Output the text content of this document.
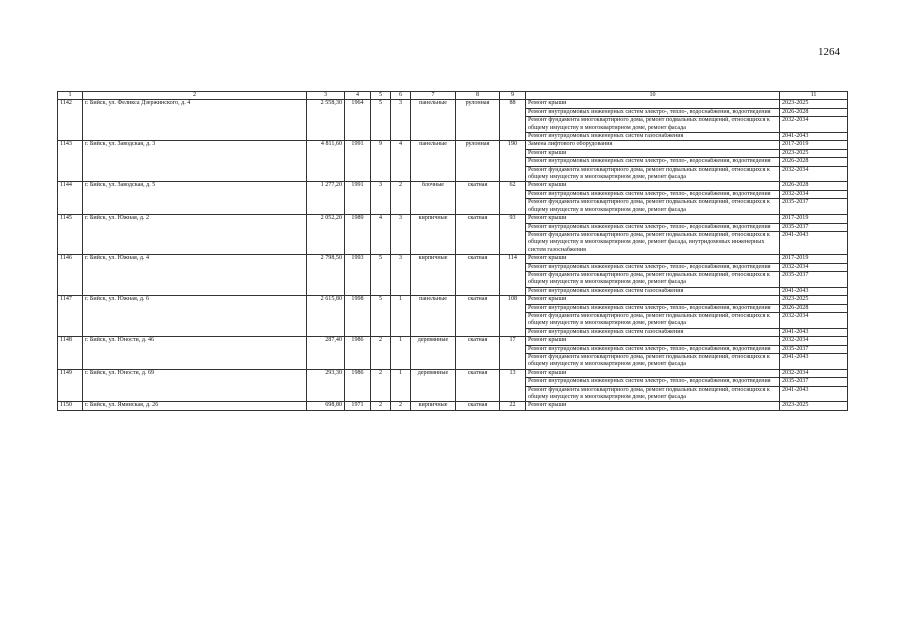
1264
1	2	3	4	5	6	7	8	9	10	11
1142	г. Бийск, ул. Феликса Дзержинского, д. 4	2 558,30	1964	5	3	панельные	рулонная	88	Ремонт крыши	2023-2025
									Ремонт внутридомовых инженерных систем электро-, тепло-, водоснабжения, водоотведения	2026-2028
									Ремонт фундамента многоквартирного дома, ремонт подвальных помещений, относящихся к общему имуществу в многоквартирном доме, ремонт фасада	2032-2034
									Ремонт внутридомовых инженерных систем газоснабжения	2041-2043
1143	г. Бийск, ул. Заводская, д. 3	4 811,60	1991	9	4	панельные	рулонная	190	Замена лифтового оборудования	2017-2019
									Ремонт крыши	2023-2025
									Ремонт внутридомовых инженерных систем электро-, тепло-, водоснабжения, водоотведения	2026-2028
									Ремонт фундамента многоквартирного дома, ремонт подвальных помещений, относящихся к общему имуществу в многоквартирном доме, ремонт фасада	2032-2034
1144	г. Бийск, ул. Заводская, д. 5	1 277,20	1991	3	2	блочные	скатная	62	Ремонт крыши	2026-2028
									Ремонт внутридомовых инженерных систем электро-, тепло-, водоснабжения, водоотведения	2032-2034
									Ремонт фундамента многоквартирного дома, ремонт подвальных помещений, относящихся к общему имуществу в многоквартирном доме, ремонт фасада	2035-2037
1145	г. Бийск, ул. Южная, д. 2	2 052,20	1989	4	3	кирпичные	скатная	93	Ремонт крыши	2017-2019
									Ремонт внутридомовых инженерных систем электро-, тепло-, водоснабжения, водоотведения	2035-2037
									Ремонт фундамента многоквартирного дома, ремонт подвальных помещений, относящихся к общему имуществу в многоквартирном доме, ремонт фасада, внутридомовых инженерных систем газоснабжения	2041-2043
1146	г. Бийск, ул. Южная, д. 4	2 798,50	1993	5	3	кирпичные	скатная	114	Ремонт крыши	2017-2019
									Ремонт внутридомовых инженерных систем электро-, тепло-, водоснабжения, водоотведения	2032-2034
									Ремонт фундамента многоквартирного дома, ремонт подвальных помещений, относящихся к общему имуществу в многоквартирном доме, ремонт фасада	2035-2037
									Ремонт внутридомовых инженерных систем газоснабжения	2041-2043
1147	г. Бийск, ул. Южная, д. 6	2 615,80	1998	5	1	панельные	скатная	108	Ремонт крыши	2023-2025
									Ремонт внутридомовых инженерных систем электро-, тепло-, водоснабжения, водоотведения	2026-2028
									Ремонт фундамента многоквартирного дома, ремонт подвальных помещений, относящихся к общему имуществу в многоквартирном доме, ремонт фасада	2032-2034
									Ремонт внутридомовых инженерных систем газоснабжения	2041-2043
1148	г. Бийск, ул. Юности, д. 46	287,40	1986	2	1	деревянные	скатная	17	Ремонт крыши	2032-2034
									Ремонт внутридомовых инженерных систем электро-, тепло-, водоснабжения, водоотведения	2035-2037
									Ремонт фундамента многоквартирного дома, ремонт подвальных помещений, относящихся к общему имуществу в многоквартирном доме, ремонт фасада	2041-2043
1149	г. Бийск, ул. Юности, д. 69	293,30	1986	2	1	деревянные	скатная	13	Ремонт крыши	2032-2034
									Ремонт внутридомовых инженерных систем электро-, тепло-, водоснабжения, водоотведения	2035-2037
									Ремонт фундамента многоквартирного дома, ремонт подвальных помещений, относящихся к общему имуществу в многоквартирном доме, ремонт фасада	2041-2043
1150	г. Бийск, ул. Яминская, д. 26	698,80	1971	2	2	кирпичные	скатная	22	Ремонт крыши	2023-2025
